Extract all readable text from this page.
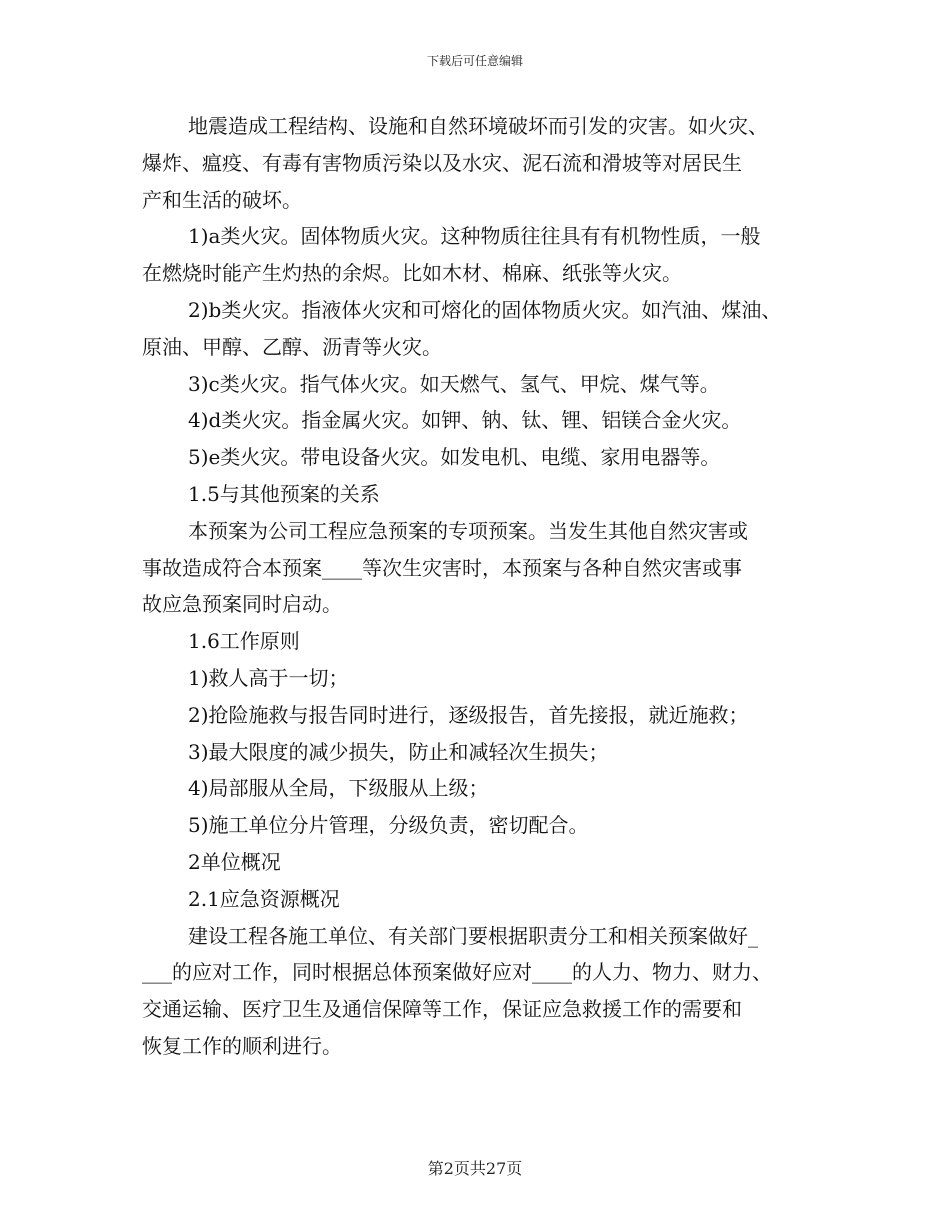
下载后可任意编辑
地震造成工程结构、设施和自然环境破坏而引发的灾害。如火灾、
爆炸、瘟疫、有毒有害物质污染以及水灾、泥石流和滑坡等对居民生
产和生活的破坏。
1)a类火灾。固体物质火灾。这种物质往往具有有机物性质，一般
在燃烧时能产生灼热的余烬。比如木材、棉麻、纸张等火灾。
2)b类火灾。指液体火灾和可熔化的固体物质火灾。如汽油、煤油、
原油、甲醇、乙醇、沥青等火灾。
3)c类火灾。指气体火灾。如天燃气、氢气、甲烷、煤气等。
4)d类火灾。指金属火灾。如钾、钠、钛、锂、铝镁合金火灾。
5)e类火灾。带电设备火灾。如发电机、电缆、家用电器等。
1.5与其他预案的关系
本预案为公司工程应急预案的专项预案。当发生其他自然灾害或
事故造成符合本预案____等次生灾害时，本预案与各种自然灾害或事
故应急预案同时启动。
1.6工作原则
1)救人高于一切；
2)抢险施救与报告同时进行，逐级报告，首先接报，就近施救；
3)最大限度的减少损失，防止和减轻次生损失；
4)局部服从全局，下级服从上级；
5)施工单位分片管理，分级负责，密切配合。
2单位概况
2.1应急资源概况
建设工程各施工单位、有关部门要根据职责分工和相关预案做好_
___的应对工作，同时根据总体预案做好应对____的人力、物力、财力、
交通运输、医疗卫生及通信保障等工作，保证应急救援工作的需要和
恢复工作的顺利进行。
第2页共27页
